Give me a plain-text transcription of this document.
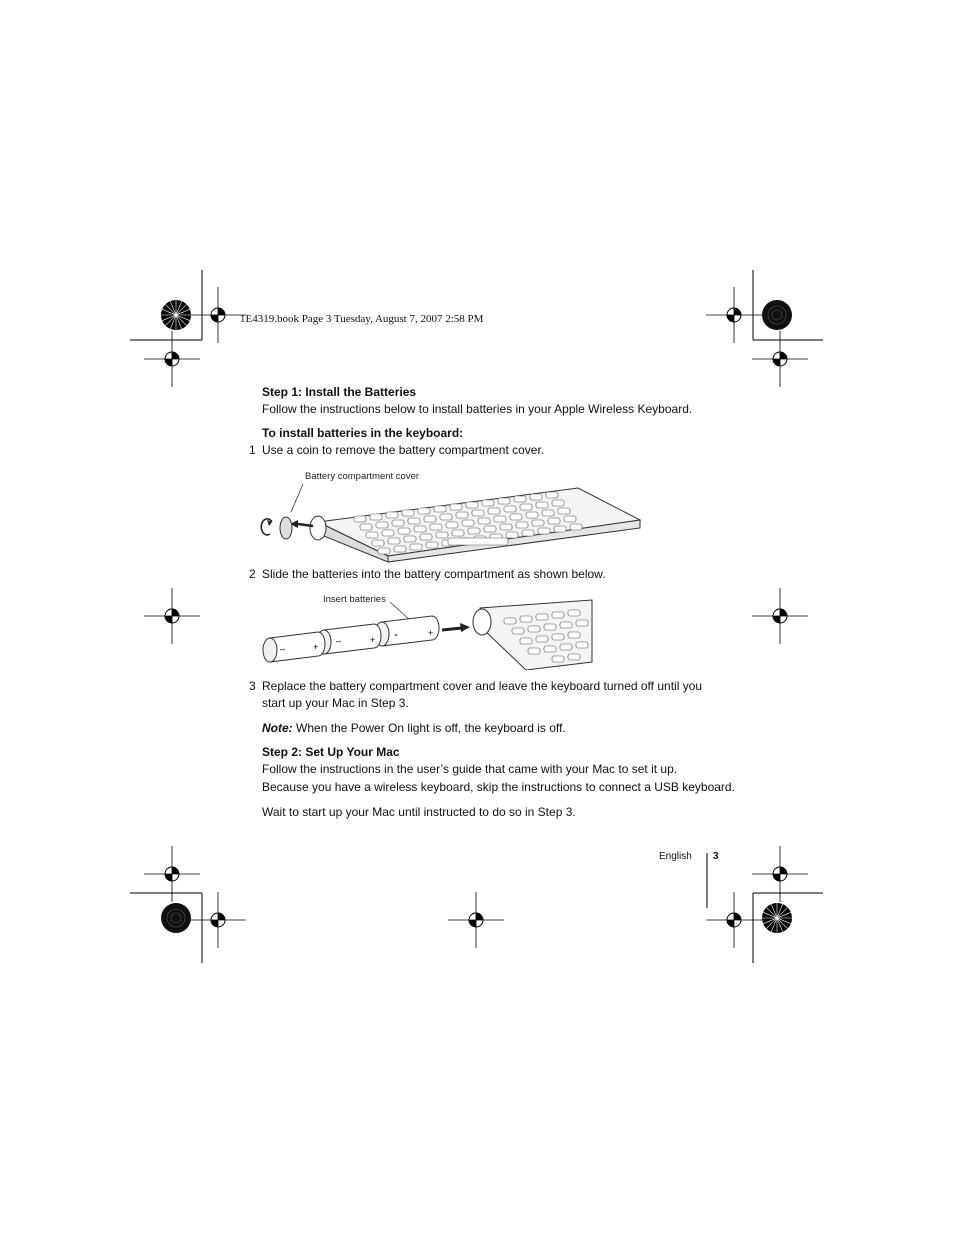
1E4319.book Page 3 Tuesday, August 7, 2007 2:58 PM
Step 1: Install the Batteries
Follow the instructions below to install batteries in your Apple Wireless Keyboard.
To install batteries in the keyboard:
1 Use a coin to remove the battery compartment cover.
Battery compartment cover
2 Slide the batteries into the battery compartment as shown below.
Insert batteries
-	+
–	+
–	+
3 Replace the battery compartment cover and leave the keyboard turned off until you
start up your Mac in Step 3.
Note: When the Power On light is off, the keyboard is off.
Step 2: Set Up Your Mac
Follow the instructions in the user’s guide that came with your Mac to set it up.
Because you have a wireless keyboard, skip the instructions to connect a USB keyboard.
Wait to start up your Mac until instructed to do so in Step 3.
English 3
